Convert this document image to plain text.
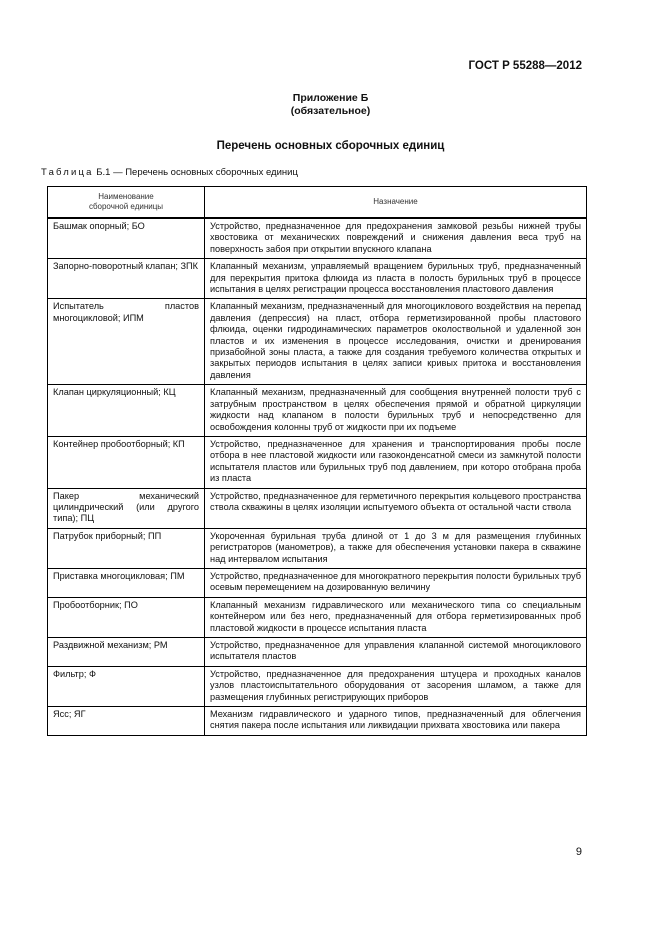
ГОСТ Р 55288—2012
Приложение Б
(обязательное)
Перечень основных сборочных единиц
Таблица Б.1 — Перечень основных сборочных единиц
Наименование
сборочной единицы	Назначение
Башмак опорный; БО	Устройство, предназначенное для предохранения замковой резьбы нижней трубы хвостовика от механических повреждений и снижения давления веса труб на поверхность забоя при открытии впускного клапана
Запорно-поворотный клапан; ЗПК	Клапанный механизм, управляемый вращением бурильных труб, предназначенный для перекрытия притока флюида из пласта в полость бурильных труб в процессе испытания в целях регистрации процесса восстановления пластового давления
Испытатель пластов многоцикловой; ИПМ	Клапанный механизм, предназначенный для многоциклового воздействия на перепад давления (депрессия) на пласт, отбора герметизированной пробы пластового флюида, оценки гидродинамических параметров околоствольной и удаленной зон пластов и их изменения в процессе исследования, очистки и дренирования призабойной зоны пласта, а также для создания требуемого количества открытых и закрытых периодов испытания в целях записи кривых притока и восстановления давления
Клапан циркуляционный; КЦ	Клапанный механизм, предназначенный для сообщения внутренней полости труб с затрубным пространством в целях обеспечения прямой и обратной циркуляции жидкости над клапаном в полости бурильных труб и непосредственно для освобождения колонны труб от жидкости при их подъеме
Контейнер пробоотборный; КП	Устройство, предназначенное для хранения и транспортирования пробы после отбора в нее пластовой жидкости или газоконденсатной смеси из замкнутой полости испытателя пластов или бурильных труб под давлением, при которо отобрана проба из пласта
Пакер механический цилиндрический (или другого типа); ПЦ	Устройство, предназначенное для герметичного перекрытия кольцевого пространства ствола скважины в целях изоляции испытуемого объекта от остальной части ствола
Патрубок приборный; ПП	Укороченная бурильная труба длиной от 1 до 3 м для размещения глубинных регистраторов (манометров), а также для обеспечения установки пакера в скважине над интервалом испытания
Приставка многоцикловая; ПМ	Устройство, предназначенное для многократного перекрытия полости бурильных труб осевым перемещением на дозированную величину
Пробоотборник; ПО	Клапанный механизм гидравлического или механического типа со специальным контейнером или без него, предназначенный для отбора герметизированных проб пластовой жидкости в процессе испытания пласта
Раздвижной механизм; РМ	Устройство, предназначенное для управления клапанной системой многоциклового испытателя пластов
Фильтр; Ф	Устройство, предназначенное для предохранения штуцера и проходных каналов узлов пластоиспытательного оборудования от засорения шламом, а также для размещения глубинных регистрирующих приборов
Ясс; ЯГ	Механизм гидравлического и ударного типов, предназначенный для облегчения снятия пакера после испытания или ликвидации прихвата хвостовика или пакера
9
